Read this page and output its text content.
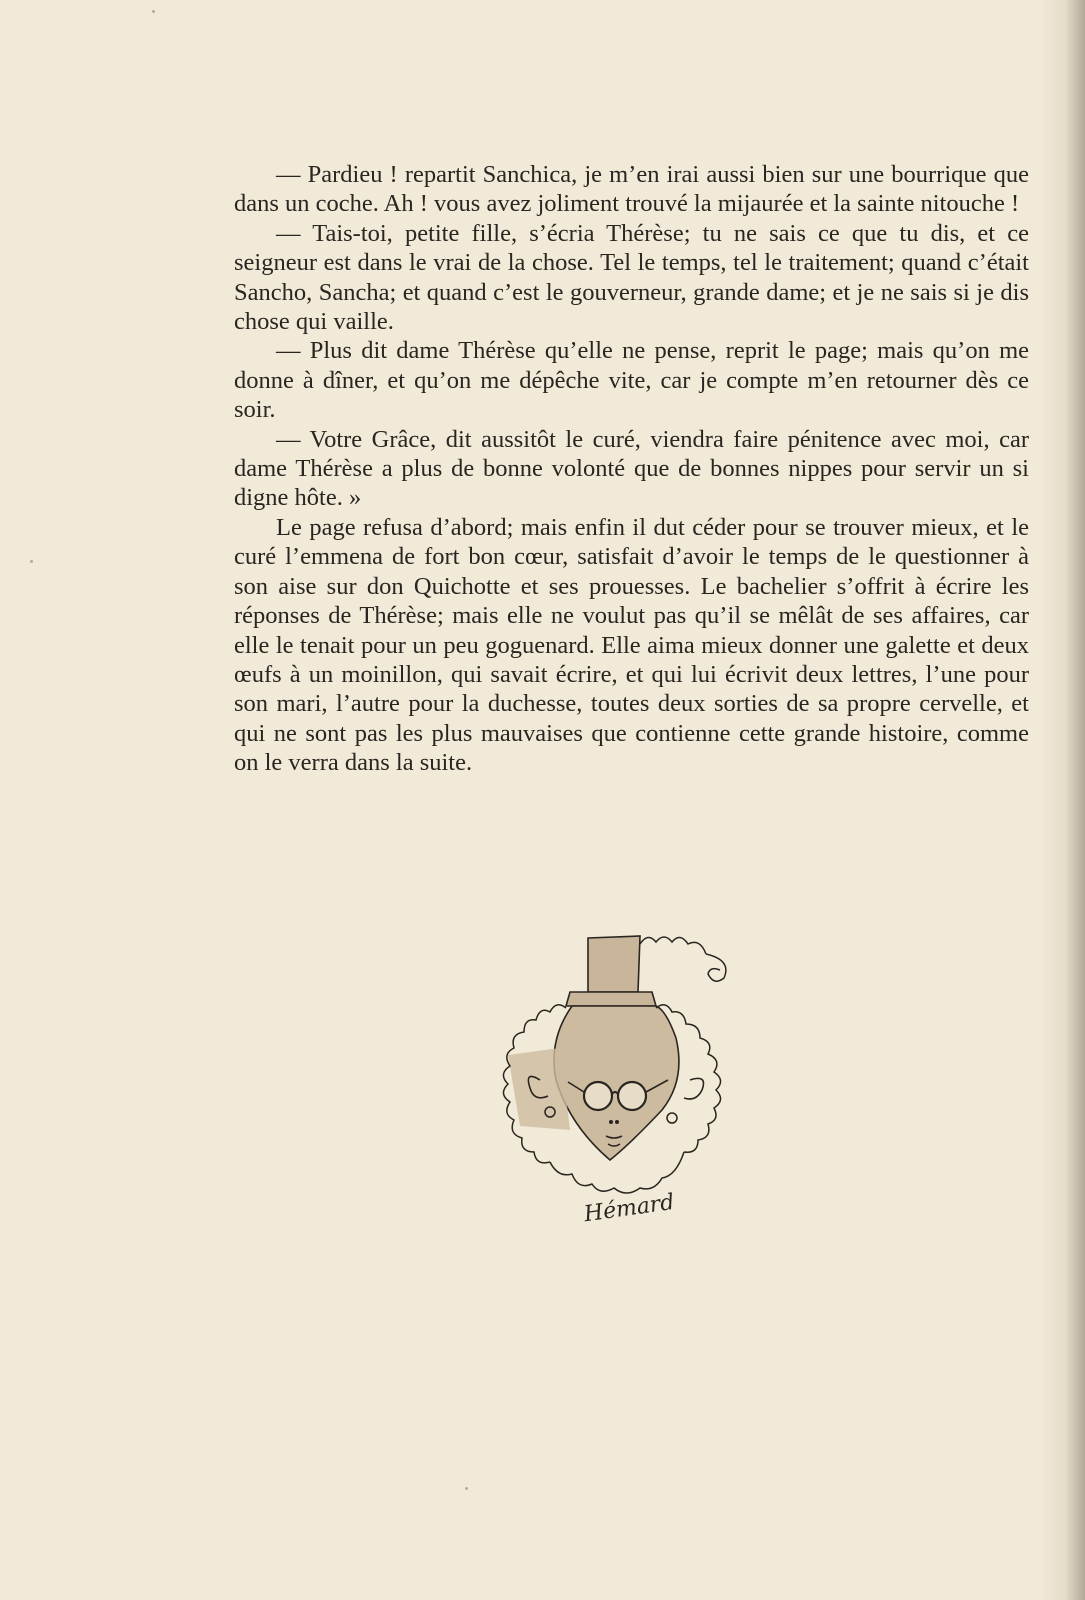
— Pardieu ! repartit Sanchica, je m’en irai aussi bien sur une bourrique que dans un coche. Ah ! vous avez joliment trouvé la mijaurée et la sainte nitouche !

— Tais-toi, petite fille, s’écria Thérèse; tu ne sais ce que tu dis, et ce seigneur est dans le vrai de la chose. Tel le temps, tel le traitement; quand c’était Sancho, Sancha; et quand c’est le gouverneur, grande dame; et je ne sais si je dis chose qui vaille.

— Plus dit dame Thérèse qu’elle ne pense, reprit le page; mais qu’on me donne à dîner, et qu’on me dépêche vite, car je compte m’en retourner dès ce soir.

— Votre Grâce, dit aussitôt le curé, viendra faire pénitence avec moi, car dame Thérèse a plus de bonne volonté que de bonnes nippes pour servir un si digne hôte. »

Le page refusa d’abord; mais enfin il dut céder pour se trouver mieux, et le curé l’emmena de fort bon cœur, satisfait d’avoir le temps de le questionner à son aise sur don Quichotte et ses prouesses. Le bachelier s’offrit à écrire les réponses de Thérèse; mais elle ne voulut pas qu’il se mêlât de ses affaires, car elle le tenait pour un peu goguenard. Elle aima mieux donner une galette et deux œufs à un moinillon, qui savait écrire, et qui lui écrivit deux lettres, l’une pour son mari, l’autre pour la duchesse, toutes deux sorties de sa propre cervelle, et qui ne sont pas les plus mauvaises que contienne cette grande histoire, comme on le verra dans la suite.

Hémard
